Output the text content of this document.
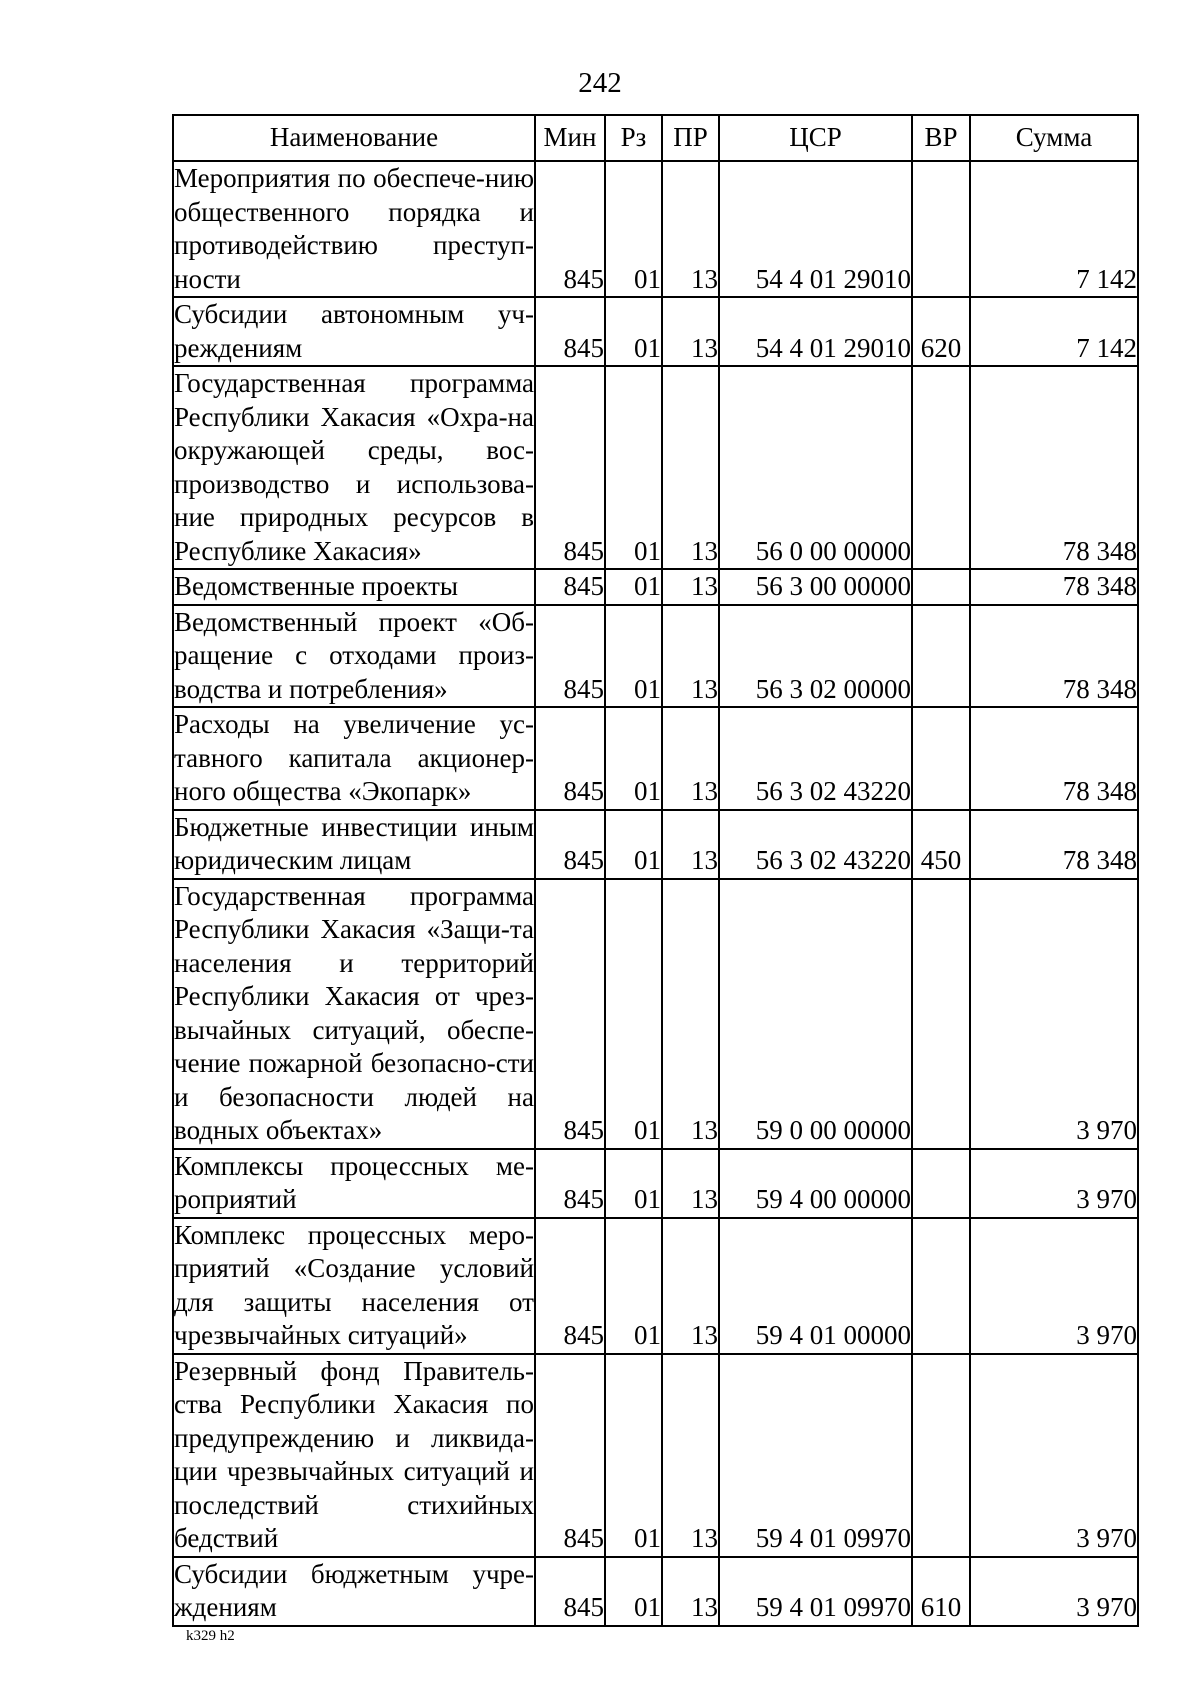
242
Наименование	Мин	Рз	ПР	ЦСР	ВР	Сумма
Мероприятия по обеспече-нию общественного порядка и противодействию преступ-ности	845	01	13	54 4 01 29010		7 142
Субсидии автономным уч-реждениям	845	01	13	54 4 01 29010	620	7 142
Государственная программа Республики Хакасия «Охра-на окружающей среды, вос-производство и использова-ние природных ресурсов в Республике Хакасия»	845	01	13	56 0 00 00000		78 348
Ведомственные проекты	845	01	13	56 3 00 00000		78 348
Ведомственный проект «Об-ращение с отходами произ-водства и потребления»	845	01	13	56 3 02 00000		78 348
Расходы на увеличение ус-тавного капитала акционер-ного общества «Экопарк»	845	01	13	56 3 02 43220		78 348
Бюджетные инвестиции иным юридическим лицам	845	01	13	56 3 02 43220	450	78 348
Государственная программа Республики Хакасия «Защи-та населения и территорий Республики Хакасия от чрез-вычайных ситуаций, обеспе-чение пожарной безопасно-сти и безопасности людей на водных объектах»	845	01	13	59 0 00 00000		3 970
Комплексы процессных ме-роприятий	845	01	13	59 4 00 00000		3 970
Комплекс процессных меро-приятий «Создание условий для защиты населения от чрезвычайных ситуаций»	845	01	13	59 4 01 00000		3 970
Резервный фонд Правитель-ства Республики Хакасия по предупреждению и ликвида-ции чрезвычайных ситуаций и последствий стихийных бедствий	845	01	13	59 4 01 09970		3 970
Субсидии бюджетным учре-ждениям	845	01	13	59 4 01 09970	610	3 970
k329 h2
